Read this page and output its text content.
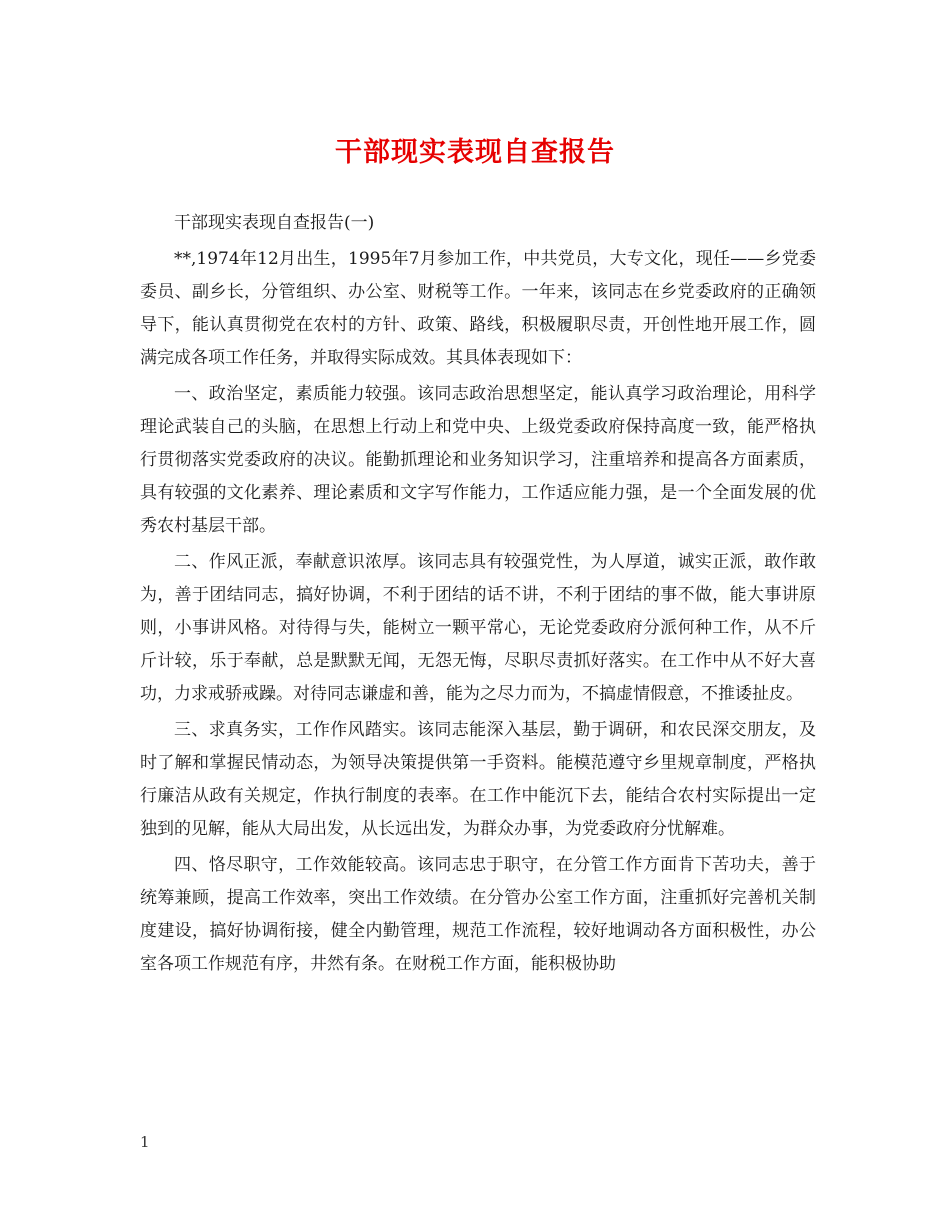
干部现实表现自查报告

干部现实表现自查报告(一)

**,1974年12月出生，1995年7月参加工作，中共党员，大专文化，现任——乡党委委员、副乡长，分管组织、办公室、财税等工作。一年来，该同志在乡党委政府的正确领导下，能认真贯彻党在农村的方针、政策、路线，积极履职尽责，开创性地开展工作，圆满完成各项工作任务，并取得实际成效。其具体表现如下：

一、政治坚定，素质能力较强。该同志政治思想坚定，能认真学习政治理论，用科学理论武装自己的头脑，在思想上行动上和党中央、上级党委政府保持高度一致，能严格执行贯彻落实党委政府的决议。能勤抓理论和业务知识学习，注重培养和提高各方面素质，具有较强的文化素养、理论素质和文字写作能力，工作适应能力强，是一个全面发展的优秀农村基层干部。

二、作风正派，奉献意识浓厚。该同志具有较强党性，为人厚道，诚实正派，敢作敢为，善于团结同志，搞好协调，不利于团结的话不讲，不利于团结的事不做，能大事讲原则，小事讲风格。对待得与失，能树立一颗平常心，无论党委政府分派何种工作，从不斤斤计较，乐于奉献，总是默默无闻，无怨无悔，尽职尽责抓好落实。在工作中从不好大喜功，力求戒骄戒躁。对待同志谦虚和善，能为之尽力而为，不搞虚情假意，不推诿扯皮。

三、求真务实，工作作风踏实。该同志能深入基层，勤于调研，和农民深交朋友，及时了解和掌握民情动态，为领导决策提供第一手资料。能模范遵守乡里规章制度，严格执行廉洁从政有关规定，作执行制度的表率。在工作中能沉下去，能结合农村实际提出一定独到的见解，能从大局出发，从长远出发，为群众办事，为党委政府分忧解难。

四、恪尽职守，工作效能较高。该同志忠于职守，在分管工作方面肯下苦功夫，善于统筹兼顾，提高工作效率，突出工作效绩。在分管办公室工作方面，注重抓好完善机关制度建设，搞好协调衔接，健全内勤管理，规范工作流程，较好地调动各方面积极性，办公室各项工作规范有序，井然有条。在财税工作方面，能积极协助

1
